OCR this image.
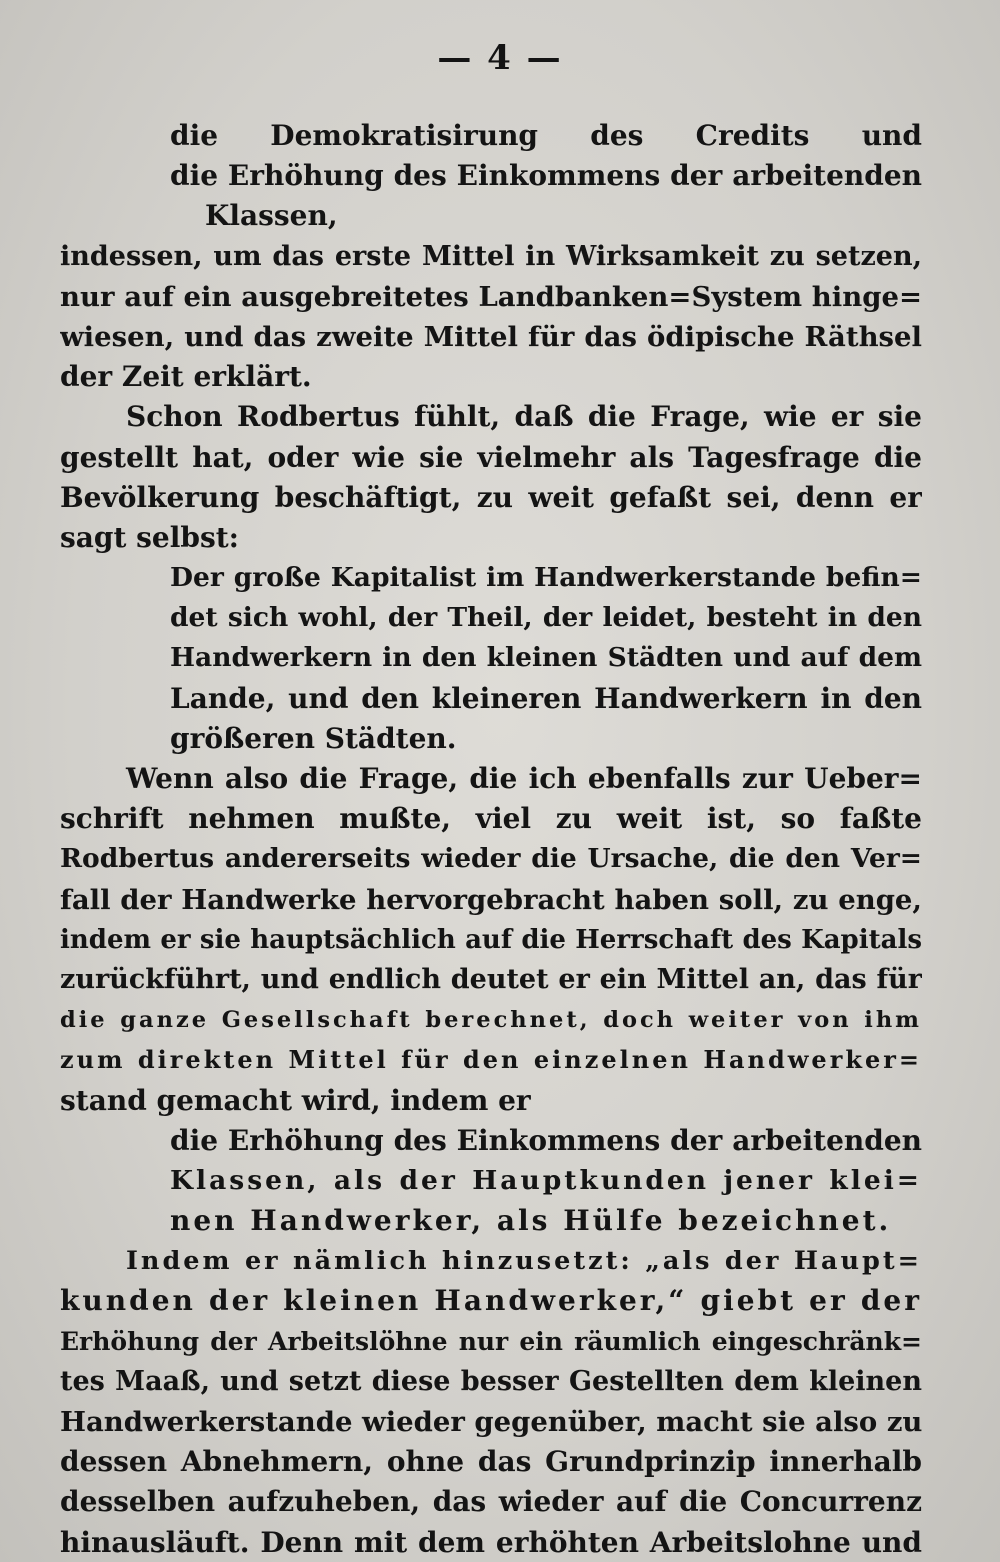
— 4 —
die Demokratisirung des Credits und
die Erhöhung des Einkommens der arbeitenden
Klassen,
indessen, um das erste Mittel in Wirksamkeit zu setzen,
nur auf ein ausgebreitetes Landbanken=System hinge=
wiesen, und das zweite Mittel für das ödipische Räthsel
der Zeit erklärt.
Schon Rodbertus fühlt, daß die Frage, wie er sie
gestellt hat, oder wie sie vielmehr als Tagesfrage die
Bevölkerung beschäftigt, zu weit gefaßt sei, denn er
sagt selbst:
Der große Kapitalist im Handwerkerstande befin=
det sich wohl, der Theil, der leidet, besteht in den
Handwerkern in den kleinen Städten und auf dem
Lande, und den kleineren Handwerkern in den
größeren Städten.
Wenn also die Frage, die ich ebenfalls zur Ueber=
schrift nehmen mußte, viel zu weit ist, so faßte
Rodbertus andererseits wieder die Ursache, die den Ver=
fall der Handwerke hervorgebracht haben soll, zu enge,
indem er sie hauptsächlich auf die Herrschaft des Kapitals
zurückführt, und endlich deutet er ein Mittel an, das für
die ganze Gesellschaft berechnet, doch weiter von ihm
zum direkten Mittel für den einzelnen Handwerker=
stand gemacht wird, indem er
die Erhöhung des Einkommens der arbeitenden
Klassen, als der Hauptkunden jener klei=
nen Handwerker, als Hülfe bezeichnet.
Indem er nämlich hinzusetzt: „als der Haupt=
kunden der kleinen Handwerker,“ giebt er der
Erhöhung der Arbeitslöhne nur ein räumlich eingeschränk=
tes Maaß, und setzt diese besser Gestellten dem kleinen
Handwerkerstande wieder gegenüber, macht sie also zu
dessen Abnehmern, ohne das Grundprinzip innerhalb
desselben aufzuheben, das wieder auf die Concurrenz
hinausläuft. Denn mit dem erhöhten Arbeitslohne und
